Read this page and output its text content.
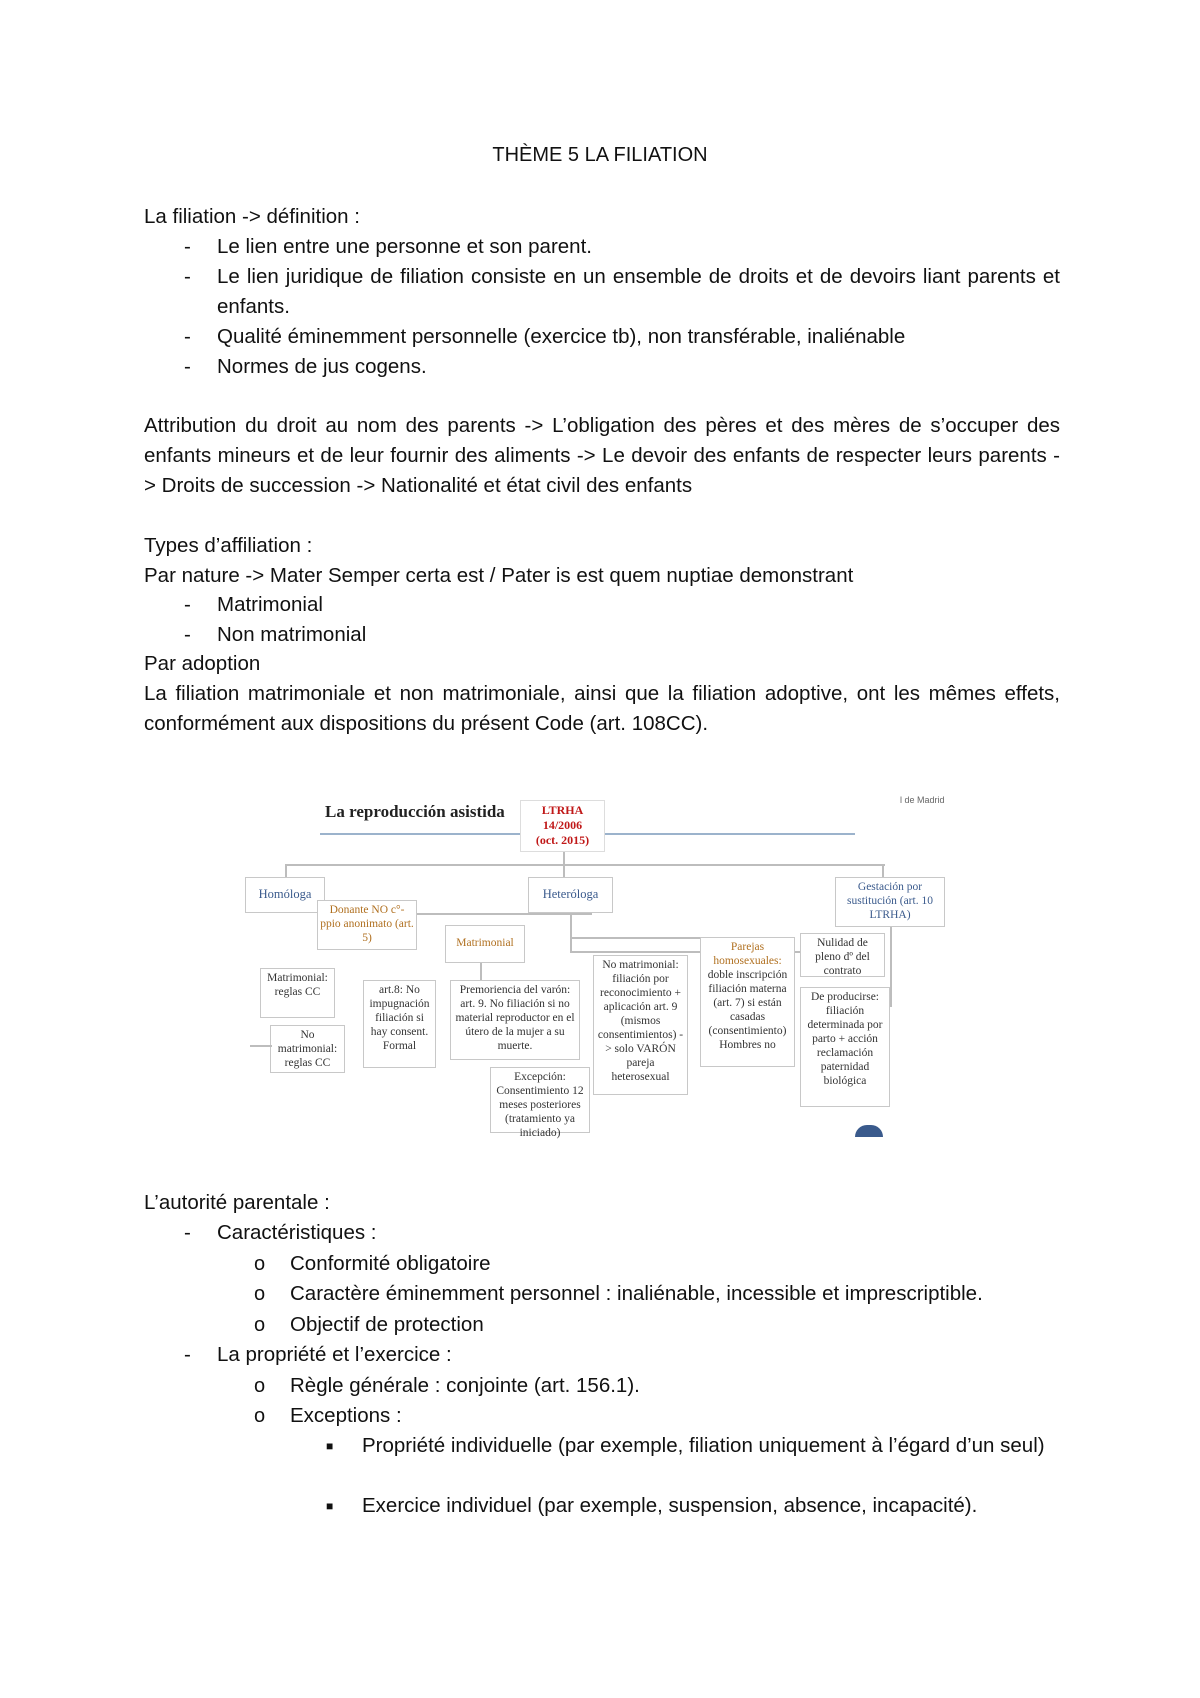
THÈME 5 LA FILIATION
La filiation -> définition :
- Le lien entre une personne et son parent.
- Le lien juridique de filiation consiste en un ensemble de droits et de devoirs liant parents et enfants.
- Qualité éminemment personnelle (exercice tb), non transférable, inaliénable
- Normes de jus cogens.
Attribution du droit au nom des parents -> L’obligation des pères et des mères de s’occuper des enfants mineurs et de leur fournir des aliments -> Le devoir des enfants de respecter leurs parents -> Droits de succession -> Nationalité et état civil des enfants
Types d’affiliation :
Par nature -> Mater Semper certa est / Pater is est quem nuptiae demonstrant
- Matrimonial
- Non matrimonial
Par adoption
La filiation matrimoniale et non matrimoniale, ainsi que la filiation adoptive, ont les mêmes effets, conformément aux dispositions du présent Code (art. 108CC).
La reproducción asistida
l de Madrid
LTRHA
14/2006
(oct. 2015)
Homóloga	Heteróloga	Gestación por sustitución (art. 10 LTRHA)
Donante NO c°-ppio anonimato (art. 5)	Matrimonial
Matrimonial: reglas CC
No matrimonial: reglas CC
art.8: No impugnación filiación si hay consent. Formal
Premoriencia del varón: art. 9. No filiación si no material reproductor en el útero de la mujer a su muerte.
Excepción: Consentimiento 12 meses posteriores (tratamiento ya iniciado)
No matrimonial: filiación por reconocimiento + aplicación art. 9 (mismos consentimientos) -> solo VARÓN pareja heterosexual
Parejas homosexuales:
doble inscripción filiación materna (art. 7) si están casadas (consentimiento) Hombres no
Nulidad de pleno dº del contrato
De producirse: filiación determinada por parto + acción reclamación paternidad biológica
L’autorité parentale :
- Caractéristiques :
o Conformité obligatoire
o Caractère éminemment personnel : inaliénable, incessible et imprescriptible.
o Objectif de protection
- La propriété et l’exercice :
o Règle générale : conjointe (art. 156.1).
o Exceptions :
■ Propriété individuelle (par exemple, filiation uniquement à l’égard d’un seul)
■ Exercice individuel (par exemple, suspension, absence, incapacité).
